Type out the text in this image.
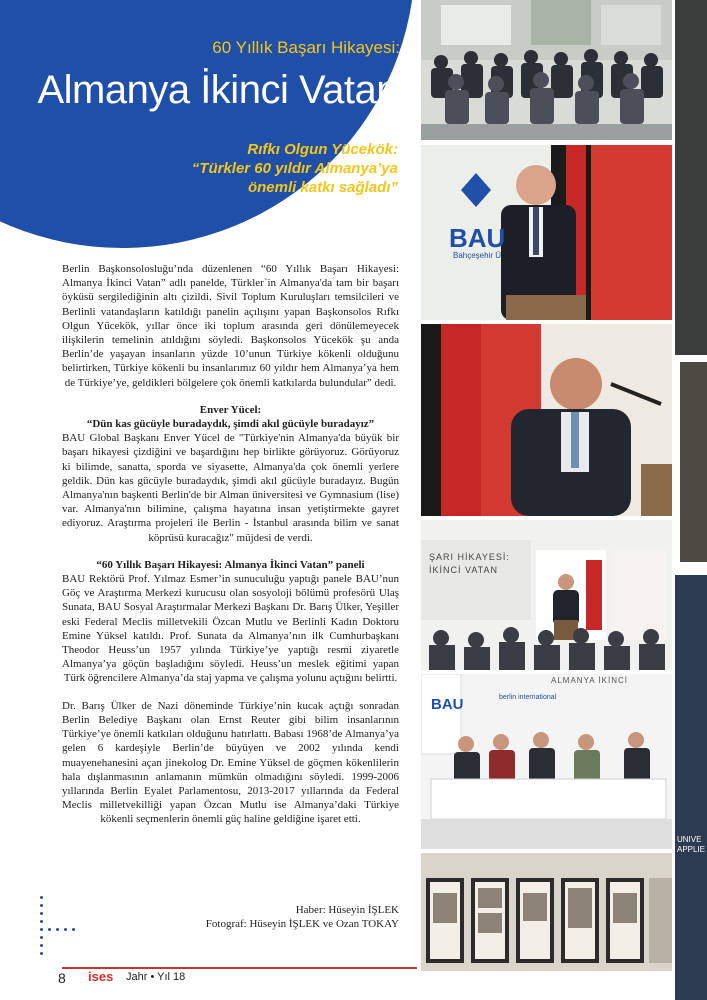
60 Yıllık Başarı Hikayesi:
Almanya İkinci Vatan
Rıfkı Olgun Yücekök:
“Türkler 60 yıldır Almanya’ya
önemli katkı sağladı”

Berlin Başkonsolosluğu’nda düzenlenen “60 Yıllık Başarı Hikayesi: Almanya İkinci Vatan” adlı panelde, Türkler`in Almanya'da tam bir başarı öyküsü sergilediğinin altı çizildi. Sivil Toplum Kuruluşları temsilcileri ve Berlinli vatandaşların katıldığı panelin açılışını yapan Başkonsolos Rıfkı Olgun Yücekök, yıllar önce iki toplum arasında geri dönülemeyecek ilişkilerin temelinin atıldığını söyledi. Başkonsolos Yücekök şu anda Berlin’de yaşayan insanların yüzde 10’unun Türkiye kökenli olduğunu belirtirken, Türkiye kökenli bu insanlarımız 60 yıldır hem Almanya’ya hem de Türkiye’ye, geldikleri bölgelere çok önemli katkılarda bulundular” dedi.

Enver Yücel:

“Dün kas gücüyle buradaydık, şimdi akıl gücüyle buradayız”

BAU Global Başkanı Enver Yücel de "Türkiye'nin Almanya'da büyük bir başarı hikayesi çizdiğini ve başardığını hep birlikte görüyoruz. Görüyoruz ki bilimde, sanatta, sporda ve siyasette, Almanya'da çok önemli yerlere geldik. Dün kas gücüyle buradaydık, şimdi akıl gücüyle buradayız. Bugün Almanya'nın başkenti Berlin'de bir Alman üniversitesi ve Gymnasium (lise) var. Almanya'nın bilimine, çalışma hayatına insan yetiştirmekte gayret ediyoruz. Araştırma projeleri ile Berlin - İstanbul arasında bilim ve sanat köprüsü kuracağız" müjdesi de verdi.

“60 Yıllık Başarı Hikayesi: Almanya İkinci Vatan” paneli

BAU Rektörü Prof. Yılmaz Esmer’in sunuculuğu yaptığı panele BAU’nun Göç ve Araştırma Merkezi kurucusu olan sosyoloji bölümü profesörü Ulaş Sunata, BAU Sosyal Araştırmalar Merkezi Başkanı Dr. Barış Ülker, Yeşiller eski Federal Meclis milletvekili Özcan Mutlu ve Berlinli Kadın Doktoru Emine Yüksel katıldı. Prof. Sunata da Almanya’nın ilk Cumhurbaşkanı Theodor Heuss’un 1957 yılında Türkiye’ye yaptığı resmi ziyaretle Almanya’ya göçün başladığını söyledi. Heuss’un meslek eğitimi yapan Türk öğrencilere Almanya’da staj yapma ve çalışma yolunu açtığını belirtti.

Dr. Barış Ülker de Nazi döneminde Türkiye’nin kucak açtığı sonradan Berlin Belediye Başkanı olan Ernst Reuter gibi bilim insanlarının Türkiye’ye önemli katkıları olduğunu hatırlattı. Babası 1968’de Almanya’ya gelen 6 kardeşiyle Berlin’de büyüyen ve 2002 yılında kendi muayenehanesini açan jinekolog Dr. Emine Yüksel de göçmen kökenlilerin hala dışlanmasının anlamanın mümkün olmadığını söyledi. 1999-2006 yıllarında Berlin Eyalet Parlamentosu, 2013-2017 yıllarında da Federal Meclis milletvekilliği yapan Özcan Mutlu ise Almanya’daki Türkiye kökenli seçmenlerin önemli güç haline geldiğine işaret etti.

Haber: Hüseyin İŞLEK
Fotograf: Hüseyin İŞLEK ve Ozan TOKAY
BAU
Bahçeşehir Ü
ŞARI HİKAYESİ:
İKİNCİ VATAN
BAU	berlin international
ALMANYA İKİNCİ
UNIVE APPLIE
8 ises Jahr • Yıl 18
